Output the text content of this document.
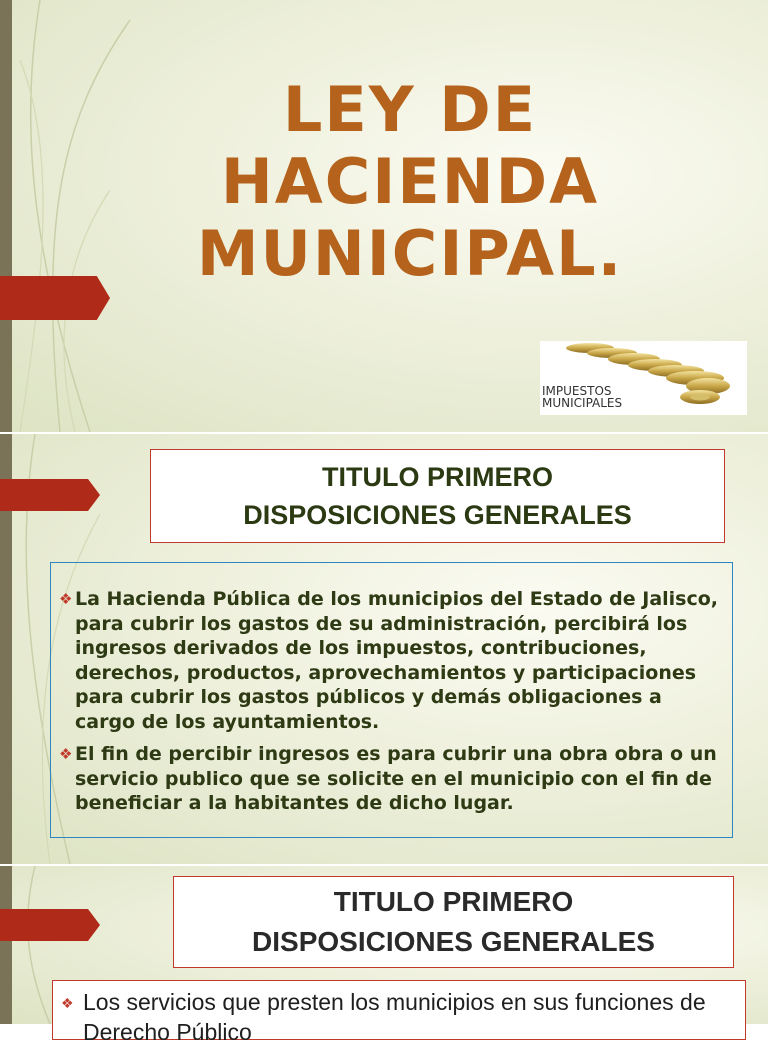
LEY DE
HACIENDA
MUNICIPAL.
IMPUESTOS
MUNICIPALES
TITULO PRIMERO
DISPOSICIONES GENERALES

❖ La Hacienda Pública de los municipios del Estado de Jalisco, para cubrir los gastos de su administración, percibirá los ingresos derivados de los impuestos, contribuciones, derechos, productos, aprovechamientos y participaciones para cubrir los gastos públicos y demás obligaciones a cargo de los ayuntamientos.

❖ El fin de percibir ingresos es para cubrir una obra obra o un servicio publico que se solicite en el municipio con el fin de beneficiar a la habitantes de dicho lugar.

TITULO PRIMERO
DISPOSICIONES GENERALES
❖ Los servicios que presten los municipios en sus funciones de Derecho Público
